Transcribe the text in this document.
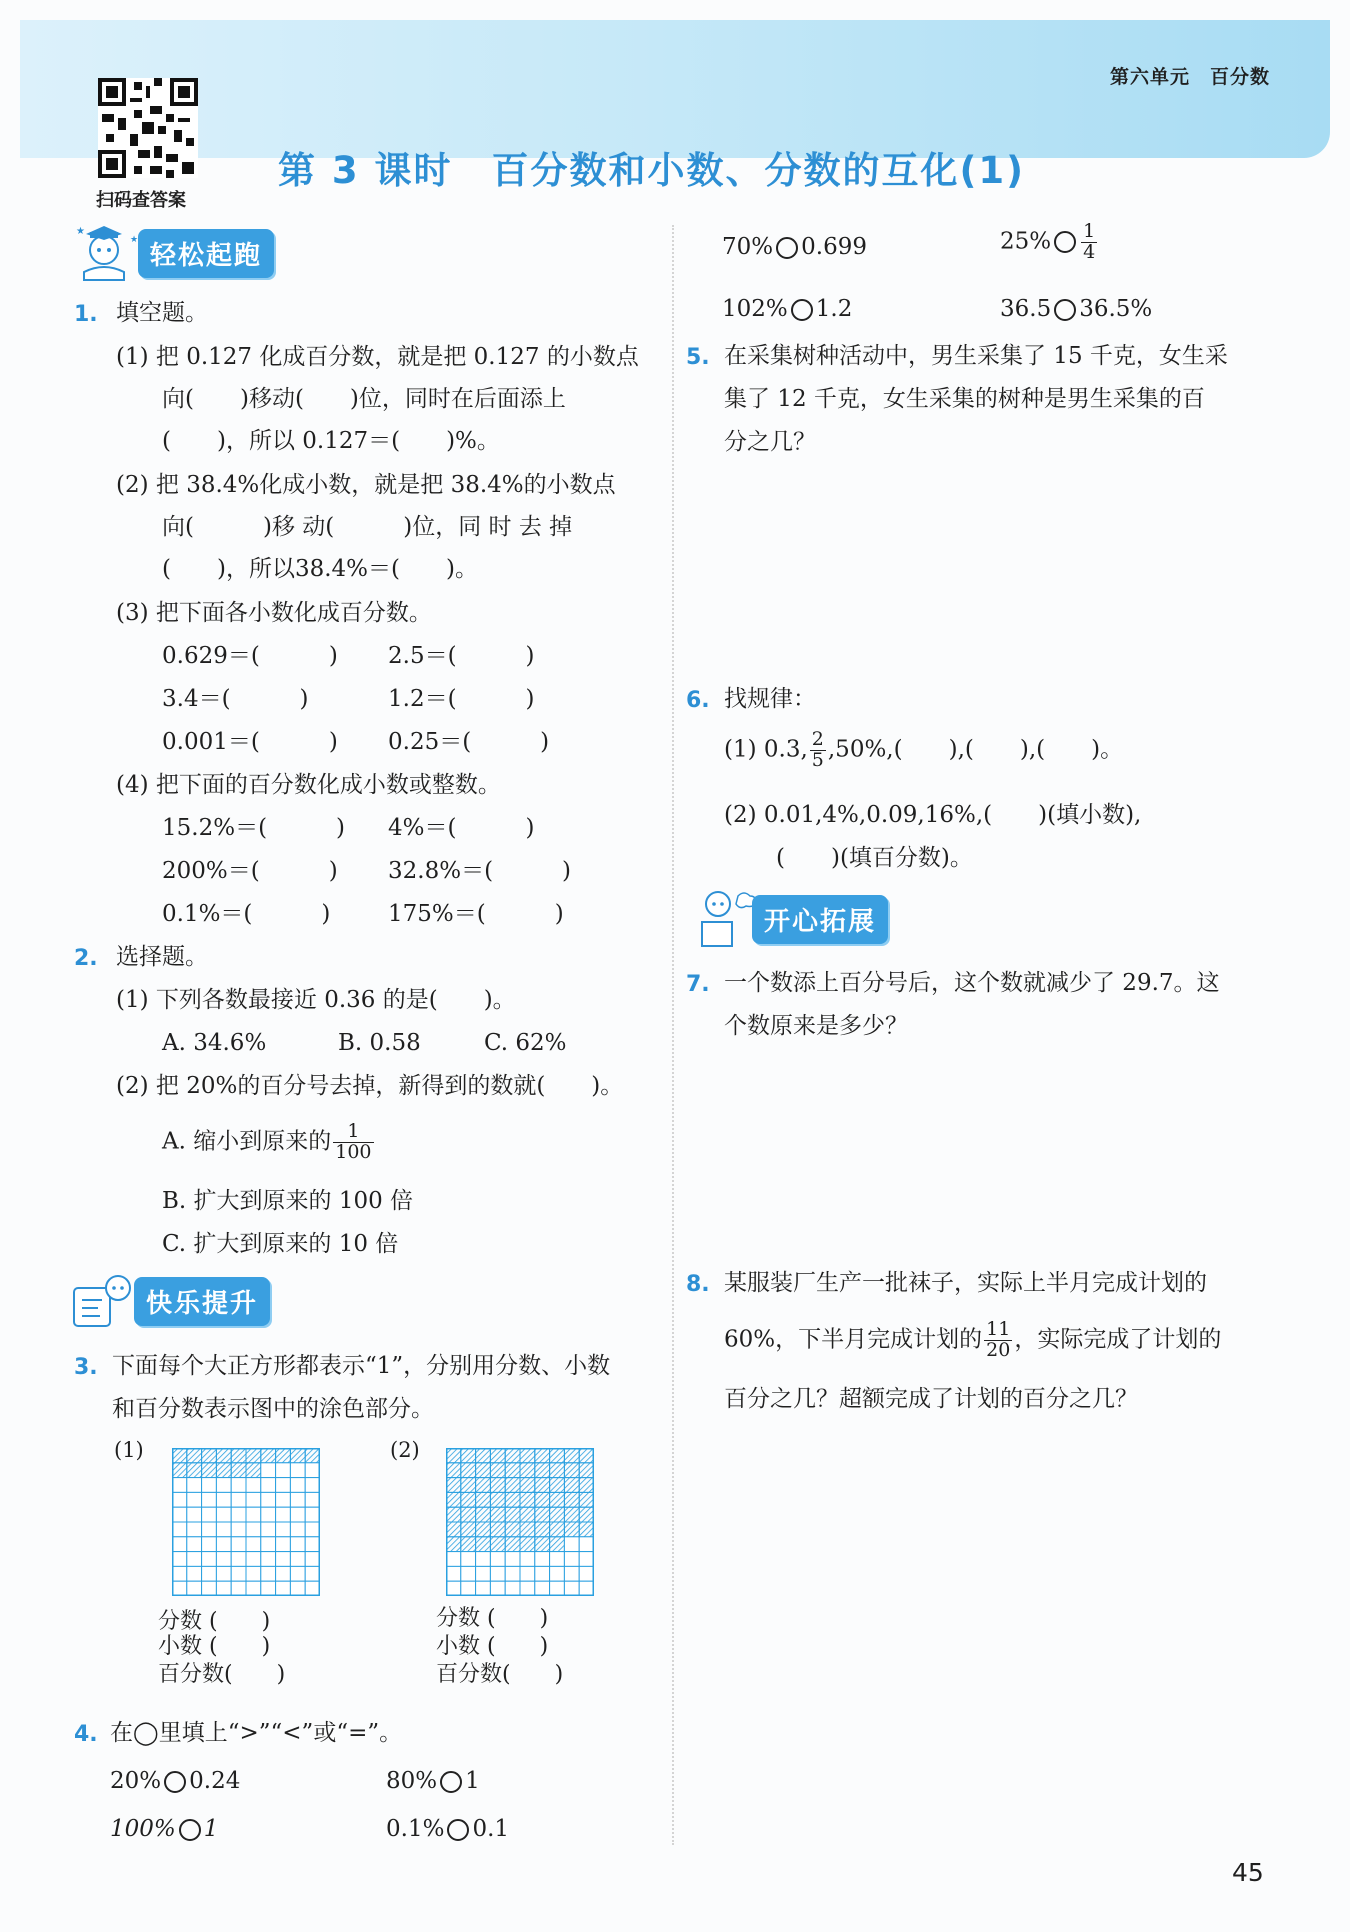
第六单元　百分数
扫码查答案
第 3 课时　百分数和小数、分数的互化(1)
★
★
轻松起跑
快乐提升
开心拓展
1. 填空题。
(1) 把 0.127 化成百分数，就是把 0.127 的小数点
向(　　)移动(　　)位，同时在后面添上
(　　)，所以 0.127＝(　　)%。
(2) 把 38.4%化成小数，就是把 38.4%的小数点
向(　　　)移 动(　　　)位，同 时 去 掉
(　　)，所以38.4%＝(　　)。
(3) 把下面各小数化成百分数。
0.629＝(　　　) 2.5＝(　　　)
3.4＝(　　　)	1.2＝(　　　)
0.001＝(　　　) 0.25＝(　　　)
(4) 把下面的百分数化成小数或整数。
15.2%＝(　　　) 4%＝(　　　)
200%＝(　　　) 32.8%＝(　　　)
0.1%＝(　　　)	175%＝(　　　)
2. 选择题。
(1) 下列各数最接近 0.36 的是(　　)。
A. 34.6%	B. 0.58	C. 62%
(2) 把 20%的百分号去掉，新得到的数就(　　)。
A. 缩小到原来的 $\frac{1}{100}$
B. 扩大到原来的 100 倍
C. 扩大到原来的 10 倍
3. 下面每个大正方形都表示“1”，分别用分数、小数
和百分数表示图中的涂色部分。
(1)	(2)
分数 (　　)
小数 (　　)
百分数(　　)
分数 (　　)
小数 (　　)
百分数(　　)
4. 在◯里填上“>”“<”或“=”。
20% 0.24	80% 1
100% 1	0.1% 0.1
70% 0.699	$25\% \frac{1}{4}$
102% 1.2	36.5 36.5%
5. 在采集树种活动中，男生采集了 15 千克，女生采
集了 12 千克，女生采集的树种是男生采集的百
分之几？
6. 找规律：
(1) 0.3, $\frac{2}{5} ,50\%$,(　　),(　　),(　　)。
(2) 0.01,4%,0.09,16%,(　　)(填小数),
(　　)(填百分数)。
7. 一个数添上百分号后，这个数就减少了 29.7。这
个数原来是多少？
8. 某服装厂生产一批袜子，实际上半月完成计划的
60%，下半月完成计划的 $\frac{11}{20}$ ，实际完成了计划的
百分之几？超额完成了计划的百分之几？
45
